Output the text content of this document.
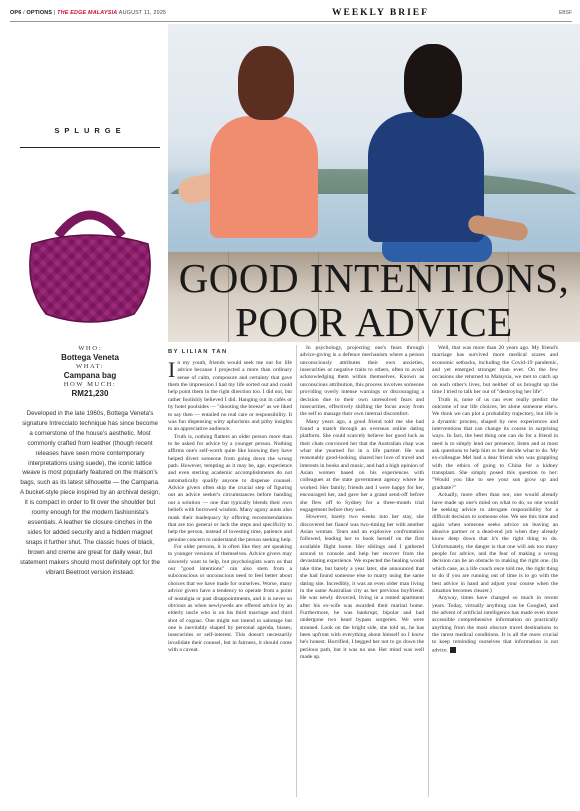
OP6 / OPTIONS | THE EDGE MALAYSIA AUGUST 11, 2025	WEEKLY BRIEF	EBSF
GOOD INTENTIONS,
POOR ADVICE
SPLURGE
WHO:
Bottega Veneta
WHAT:
Campana bag
HOW MUCH:
RM21,230
Developed in the late 1960s, Bottega Veneta's signature Intrecciato technique has since become a cornerstone of the house's aesthetic. Most commonly crafted from leather (though recent releases have seen more contemporary interpretations using suede), the iconic lattice weave is most popularly featured on the maison's bags, such as its latest silhouette — the Campana. A bucket-style piece inspired by an archival design, it is compact in order to fit over the shoulder but roomy enough for the modern fashionista's essentials. A leather tie closure cinches in the sides for added security and a hidden magnet snaps it further shut. The classic hues of black, brown and creme are great for daily wear, but statement makers should most definitely opt for the vibrant Beetroot version instead.
BY LILIAN TAN

In my youth, friends would seek me out for life advice because I projected a more than ordinary sense of calm, composure and certainty that gave them the impression I had my life sorted out and could help point them in the right direction too. I did not, but rather foolishly believed I did. Hanging out in cafés or by hotel poolsides — "shooting the breeze" as we liked to say then — entailed no real care or responsibility. It was fun dispensing witty aphorisms and pithy insights to an appreciative audience.

Truth is, nothing flatters an older person more than to be asked for advice by a younger person. Nothing affirms one's self-worth quite like knowing they have helped divert someone from going down the wrong path. However, tempting as it may be, age, experience and even sterling academic accomplishments do not automatically qualify anyone to dispense counsel. Advice givers often skip the crucial step of figuring out an advice seeker's circumstances before handing out a solution — one that typically blends their own beliefs with borrowed wisdom. Many agony aunts also mask their inadequacy by offering recommendations that are too general or lack the steps and specificity to help the person, instead of investing time, patience and genuine concern to understand the person seeking help.

For older persons, it is often like they are speaking to younger versions of themselves. Advice givers may sincerely want to help, but psychologists warn us that our "good intentions" can also stem from a subconscious or unconscious need to feel better about choices that we have made for ourselves. Worse, many advice givers have a tendency to operate from a point of nostalgia or past disappointments, and it is never so obvious as when newlyweds are offered advice by an elderly uncle who is on his third marriage and third shot of cognac. One might not intend to sabotage but one is inevitably shaped by personal agenda, biases, insecurities or self-interest. This doesn't necessarily invalidate their counsel, but in fairness, it should come with a caveat.

In psychology, projecting one's fears through advice-giving is a defence mechanism where a person unconsciously attributes their own anxieties, insecurities or negative traits to others, often to avoid acknowledging them within themselves. Known as unconscious attribution, this process involves someone providing overly intense warnings or discouraging a decision due to their own unresolved fears and insecurities, effectively shifting the focus away from the self to manage their own internal discomfort.

Many years ago, a good friend told me she had found a match through an overseas online dating platform. She could scarcely believe her good luck as their chats convinced her that the Australian chap was what she yearned for in a life partner. He was reasonably good-looking, shared her love of travel and interests in books and music, and had a high opinion of Asian women based on his experiences with colleagues at the state government agency where he worked. Her family, friends and I were happy for her, encouraged her, and gave her a grand send-off before she flew off to Sydney for a three-month trial engagement before they wed.

However, barely two weeks into her stay, she discovered her fiancé was two-timing her with another Asian woman. Tears and an explosive confrontation followed, leading her to book herself on the first available flight home. Her siblings and I gathered around to console and help her recover from the devastating experience. We expected the healing would take time, but barely a year later, she announced that she had found someone else to marry using the same dating site. Incredibly, it was an even older man living in the same Australian city as her previous boyfriend. He was newly divorced, living in a rented apartment after his ex-wife was awarded their marital home. Furthermore, he was bankrupt, bipolar and had undergone two heart bypass surgeries. We were stunned. Look on the bright side, she told us, he has been upfront with everything about himself so I know he's honest. Horrified, I begged her not to go down the perilous path, but it was no use. Her mind was well made up.

Well, that was more than 20 years ago. My friend's marriage has survived more medical scares and economic setbacks, including the Covid-19 pandemic, and yet emerged stronger than ever. On the few occasions she returned to Malaysia, we met to catch up on each other's lives, but neither of us brought up the time I tried to talk her out of "destroying her life".

Truth is, none of us can ever really predict the outcome of our life choices, let alone someone else's. We think we can plot a probability trajectory, but life is a dynamic process, shaped by new experiences and interventions that can change its course in surprising ways. In fact, the best thing one can do for a friend in need is to simply lend our presence, listen and at most ask questions to help him or her decide what to do. My ex-colleague Mel had a dear friend who was grappling with the ethics of going to China for a kidney transplant. She simply posed this question to her: "Would you like to see your son grow up and graduate?"

Actually, more often than not, one would already have made up one's mind on what to do, so one would be seeking advice to abrogate responsibility for a difficult decision to someone else. We see this time and again when someone seeks advice on leaving an abusive partner or a dead-end job when they already know deep down that it's the right thing to do. Unfortunately, the danger is that one will ask too many people for advice, and the fear of making a wrong decision can be an obstacle to making the right one. (In which case, as a life coach once told me, the right thing to do if you are running out of time is to go with the best advice in hand and adjust your course when the situation becomes clearer.)

Anyway, times have changed so much in recent years. Today, virtually anything can be Googled, and the advent of artificial intelligence has made even more accessible comprehensive information on practically anything from the most obscure travel destinations to the rarest medical conditions. It is all the more crucial to keep reminding ourselves that information is not advice.
